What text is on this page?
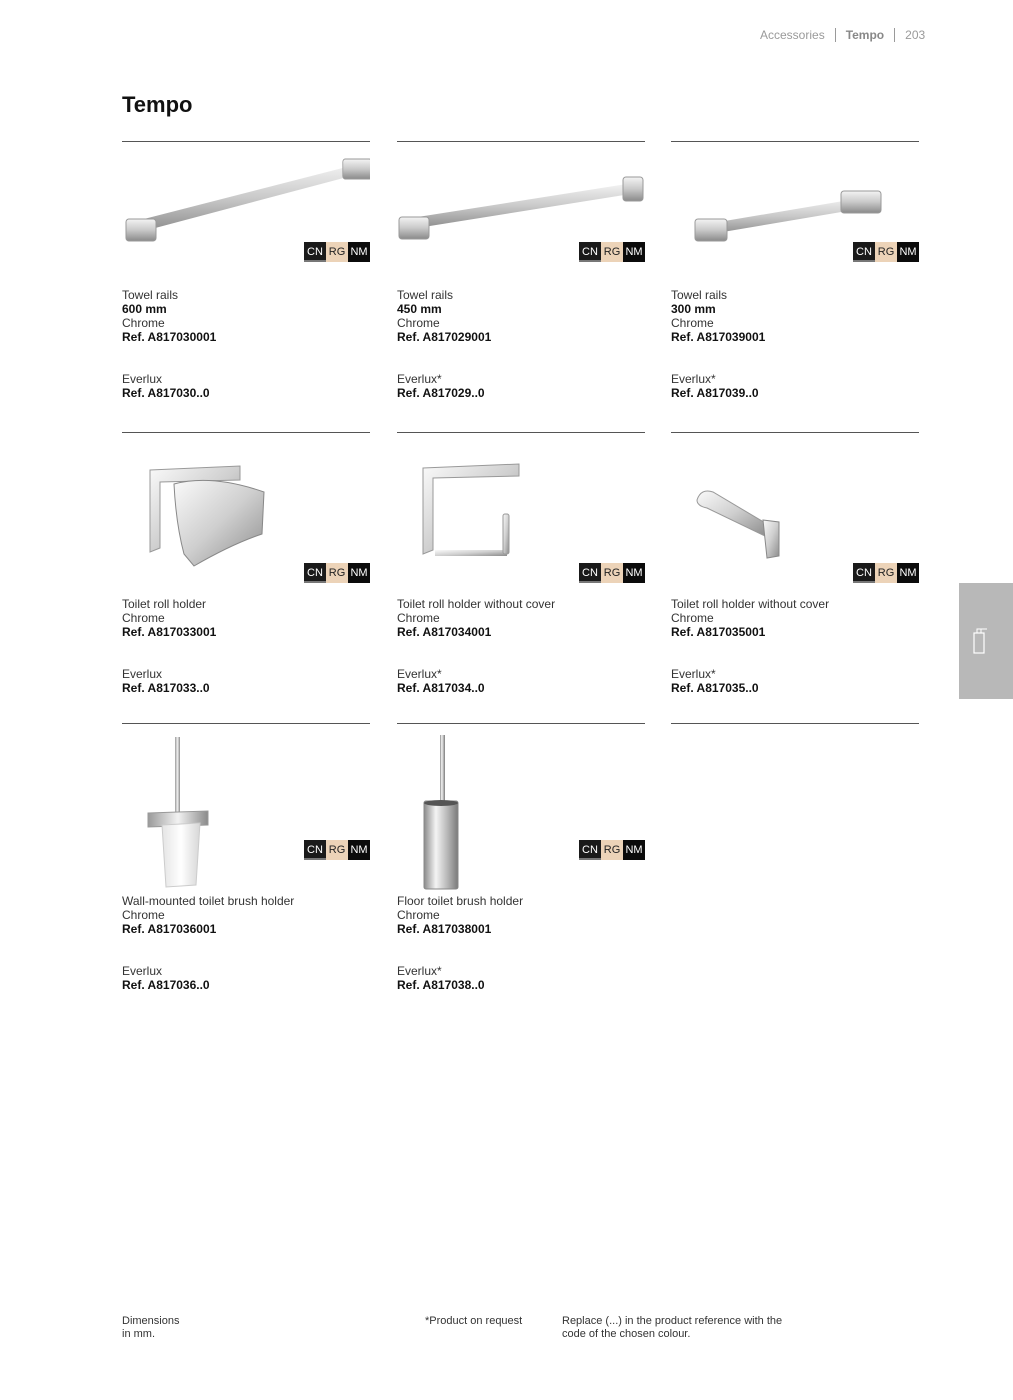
Accessories Tempo 203
Tempo
CN RG NM
Towel rails
600 mm
Chrome
Ref. A817030001
Everlux
Ref. A817030..0
CN RG NM
Towel rails
450 mm
Chrome
Ref. A817029001
Everlux*
Ref. A817029..0
CN RG NM
Towel rails
300 mm
Chrome
Ref. A817039001
Everlux*
Ref. A817039..0
CN RG NM
Toilet roll holder
Chrome
Ref. A817033001
Everlux
Ref. A817033..0
CN RG NM
Toilet roll holder without cover
Chrome
Ref. A817034001
Everlux*
Ref. A817034..0
CN RG NM
Toilet roll holder without cover
Chrome
Ref. A817035001
Everlux*
Ref. A817035..0
CN RG NM
Wall-mounted toilet brush holder
Chrome
Ref. A817036001
Everlux
Ref. A817036..0
CN RG NM
Floor toilet brush holder
Chrome
Ref. A817038001
Everlux*
Ref. A817038..0
Dimensions
in mm.
*Product on request	Replace (...) in the product reference with the
code of the chosen colour.
